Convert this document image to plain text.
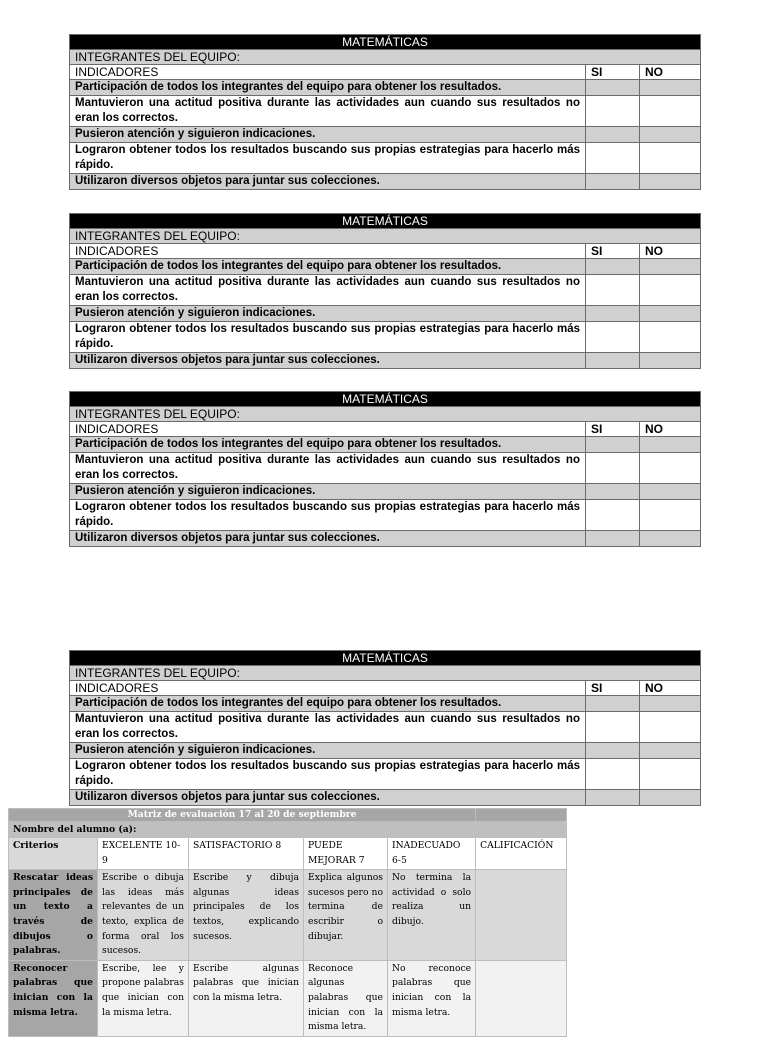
MATEMÁTICAS		
INTEGRANTES DEL EQUIPO:		
INDICADORES	SI	NO
Participación de todos los integrantes del equipo para obtener los resultados.		
Mantuvieron una actitud positiva durante las actividades aun cuando sus resultados no eran los correctos.		
Pusieron atención y siguieron indicaciones.		
Lograron obtener todos los resultados buscando sus propias estrategias para hacerlo más rápido.		
Utilizaron diversos objetos para juntar sus colecciones.		
MATEMÁTICAS		
INTEGRANTES DEL EQUIPO:		
INDICADORES	SI	NO
Participación de todos los integrantes del equipo para obtener los resultados.		
Mantuvieron una actitud positiva durante las actividades aun cuando sus resultados no eran los correctos.		
Pusieron atención y siguieron indicaciones.		
Lograron obtener todos los resultados buscando sus propias estrategias para hacerlo más rápido.		
Utilizaron diversos objetos para juntar sus colecciones.		
MATEMÁTICAS		
INTEGRANTES DEL EQUIPO:		
INDICADORES	SI	NO
Participación de todos los integrantes del equipo para obtener los resultados.		
Mantuvieron una actitud positiva durante las actividades aun cuando sus resultados no eran los correctos.		
Pusieron atención y siguieron indicaciones.		
Lograron obtener todos los resultados buscando sus propias estrategias para hacerlo más rápido.		
Utilizaron diversos objetos para juntar sus colecciones.		
MATEMÁTICAS		
INTEGRANTES DEL EQUIPO:		
INDICADORES	SI	NO
Participación de todos los integrantes del equipo para obtener los resultados.		
Mantuvieron una actitud positiva durante las actividades aun cuando sus resultados no eran los correctos.		
Pusieron atención y siguieron indicaciones.		
Lograron obtener todos los resultados buscando sus propias estrategias para hacerlo más rápido.		
Utilizaron diversos objetos para juntar sus colecciones.		
Matriz de evaluación 17 al 20 de septiembre					
Nombre del alumno (a):					
Criterios	EXCELENTE 10-9	SATISFACTORIO 8	PUEDE MEJORAR 7	INADECUADO 6-5	CALIFICACIÓN
Rescatar ideas principales de un texto a través de dibujos o palabras.	Escribe o dibuja las ideas más relevantes de un texto, explica de forma oral los sucesos.	Escribe y dibuja algunas ideas principales de los textos, explicando sucesos.	Explica algunos sucesos pero no termina de escribir o dibujar.	No termina la actividad o solo realiza un dibujo.	
Reconocer palabras que inician con la misma letra.	Escribe, lee y propone palabras que inician con la misma letra.	Escribe algunas palabras que inician con la misma letra.	Reconoce algunas palabras que inician con la misma letra.	No reconoce palabras que inician con la misma letra.	
